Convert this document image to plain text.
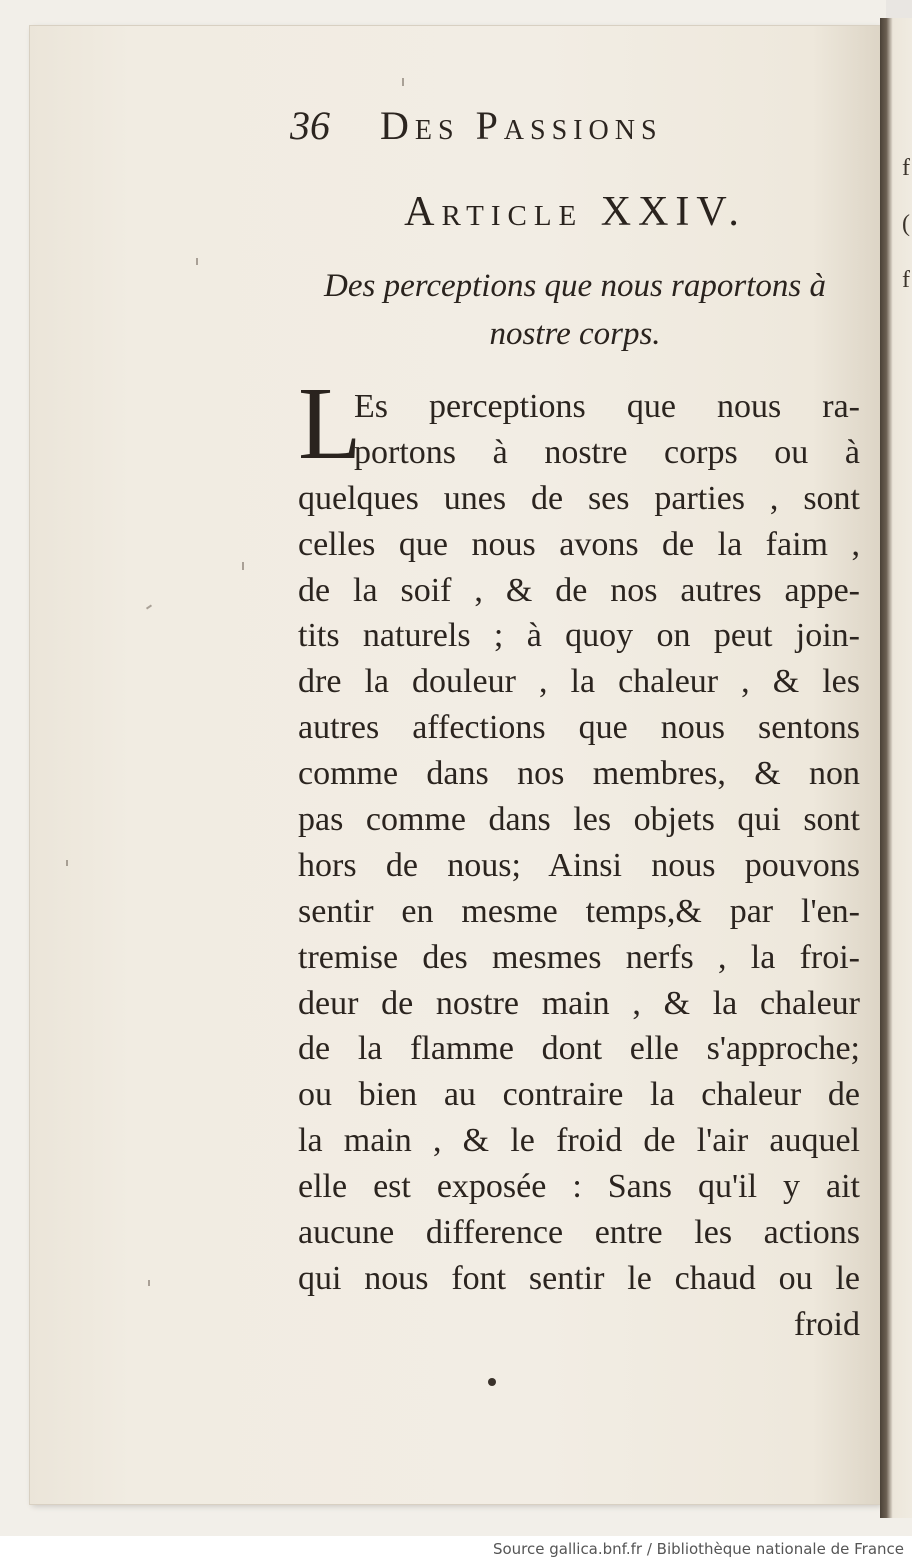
f
(
f
36 Des Passions
Article XXIV.
Des perceptions que nous raportons à nostre corps.
L
Es perceptions que nous ra-
portons à nostre corps ou à
quelques unes de ses parties , sont
celles que nous avons de la faim ,
de la soif , & de nos autres appe-
tits naturels ; à quoy on peut join-
dre la douleur , la chaleur , & les
autres affections que nous sentons
comme dans nos membres, & non
pas comme dans les objets qui sont
hors de nous; Ainsi nous pouvons
sentir en mesme temps,& par l'en-
tremise des mesmes nerfs , la froi-
deur de nostre main , & la chaleur
de la flamme dont elle s'approche;
ou bien au contraire la chaleur de
la main , & le froid de l'air auquel
elle est exposée : Sans qu'il y ait
aucune difference entre les actions
qui nous font sentir le chaud ou le
froid
Source gallica.bnf.fr / Bibliothèque nationale de France
